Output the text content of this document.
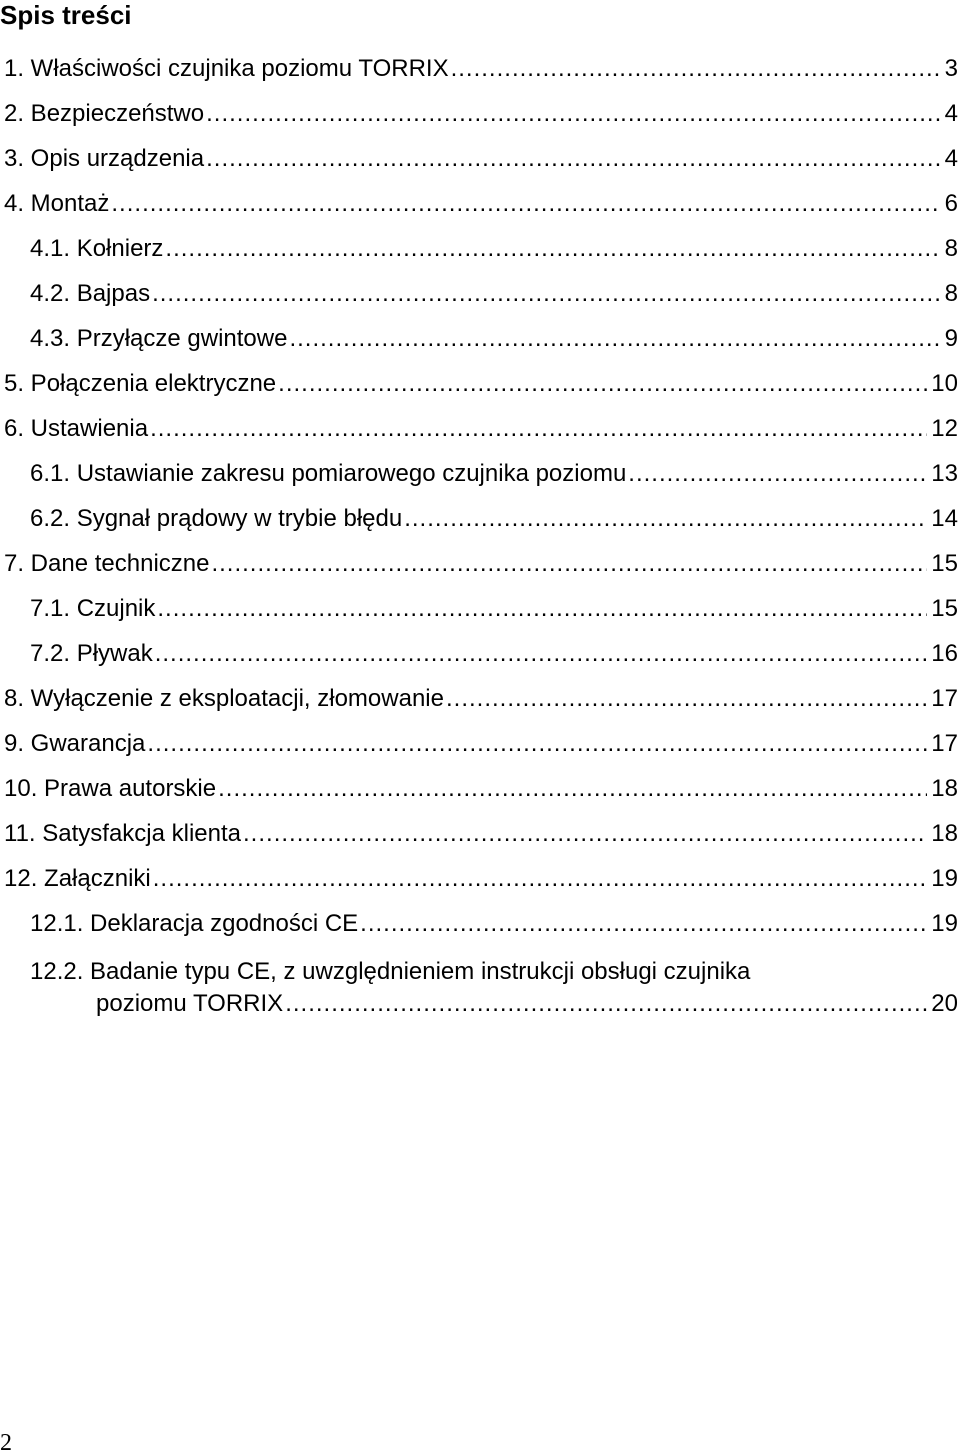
Spis treści
1. Właściwości czujnika poziomu TORRIX .....	3
2. Bezpieczeństwo .....	4
3. Opis urządzenia .....	4
4. Montaż .....	6
4.1. Kołnierz .....	8
4.2. Bajpas .....	8
4.3. Przyłącze gwintowe .....	9
5. Połączenia elektryczne .....	10
6. Ustawienia .....	12
6.1. Ustawianie zakresu pomiarowego czujnika poziomu .....	13
6.2. Sygnał prądowy w trybie błędu .....	14
7. Dane techniczne .....	15
7.1. Czujnik .....	15
7.2. Pływak .....	16
8. Wyłączenie z eksploatacji, złomowanie .....	17
9. Gwarancja .....	17
10. Prawa autorskie .....	18
11. Satysfakcja klienta .....	18
12. Załączniki .....	19
12.1. Deklaracja zgodności CE .....	19
12.2. Badanie typu CE, z uwzględnieniem instrukcji obsługi czujnika
poziomu TORRIX .....	20
2
